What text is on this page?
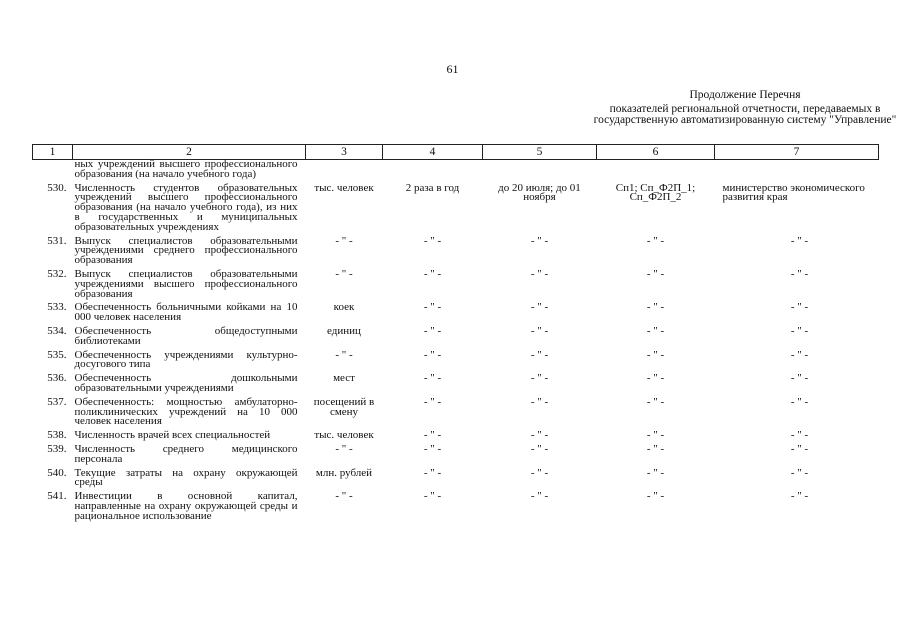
61
Продолжение Перечня
показателей региональной отчетности, передаваемых в государственную автоматизированную систему "Управление"
1	2	3	4	5	6	7
	ных учреждений высшего профессионального образования (на начало учебного года)					
530.	Численность студентов образовательных учреждений высшего профессионального образования (на начало учебного года), из них в государственных и муниципальных образовательных учреждениях	тыс. человек	2 раза в год	до 20 июля; до 01 ноября	Сп1; Сп_Ф2П_1; Сп_Ф2П_2	министерство экономического развития края
531.	Выпуск специалистов образовательными учреждениями среднего профессионального образования	- " -	- " -	- " -	- " -	- " -
532.	Выпуск специалистов образовательными учреждениями высшего профессионального образования	- " -	- " -	- " -	- " -	- " -
533.	Обеспеченность больничными койками на 10 000 человек населения	коек	- " -	- " -	- " -	- " -
534.	Обеспеченность общедоступными библиотеками	единиц	- " -	- " -	- " -	- " -
535.	Обеспеченность учреждениями культурно-досугового типа	- " -	- " -	- " -	- " -	- " -
536.	Обеспеченность дошкольными образовательными учреждениями	мест	- " -	- " -	- " -	- " -
537.	Обеспеченность: мощностью амбулаторно-поликлинических учреждений на 10 000 человек населения	посещений в смену	- " -	- " -	- " -	- " -
538.	Численность врачей всех специальностей	тыс. человек	- " -	- " -	- " -	- " -
539.	Численность среднего медицинского персонала	- " -	- " -	- " -	- " -	- " -
540.	Текущие затраты на охрану окружающей среды	млн. рублей	- " -	- " -	- " -	- " -
541.	Инвестиции в основной капитал, направленные на охрану окружающей среды и рациональное использование	- " -	- " -	- " -	- " -	- " -
